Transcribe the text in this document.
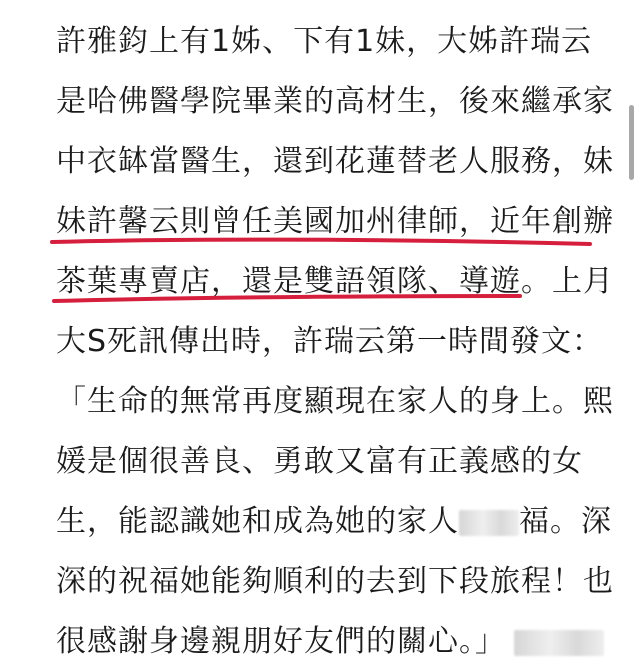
許雅鈞上有1姊、下有1妹，大姊許瑞云
是哈佛醫學院畢業的高材生，後來繼承家
中衣缽當醫生，還到花蓮替老人服務，妹
妹許馨云則曾任美國加州律師，近年創辦
茶葉專賣店，還是雙語領隊、導遊。上月
大S死訊傳出時，許瑞云第一時間發文：
「生命的無常再度顯現在家人的身上。熙
媛是個很善良、勇敢又富有正義感的女
生，能認識她和成為她的家人 福。深
深的祝福她能夠順利的去到下段旅程！也
很感謝身邊親朋好友們的關心。」
